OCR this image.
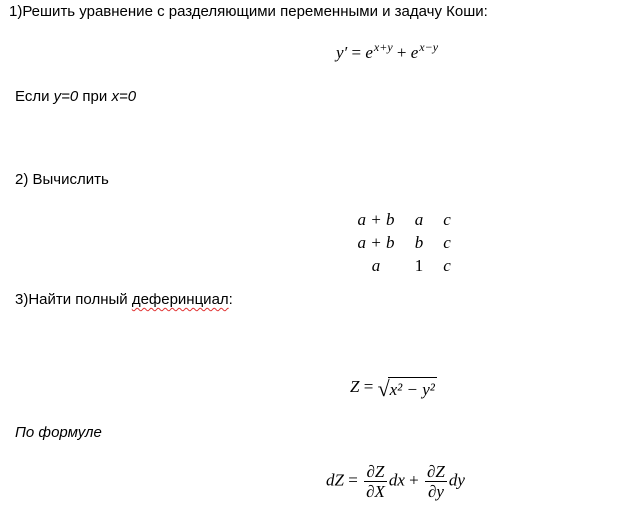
1)Решить уравнение с разделяющими переменными и задачу Коши:
$y' = e^{x+y} + e^{x-y}$
Если y=0 при x=0
2) Вычислить
a + b a c
a + b b c
a 1 c
3)Найти полный деферинциал:
Z = √x² − y²
По формуле
dZ = $\frac{\partial Z}{\partial X}$ dx + $\frac{\partial Z}{\partial y}$ dy
